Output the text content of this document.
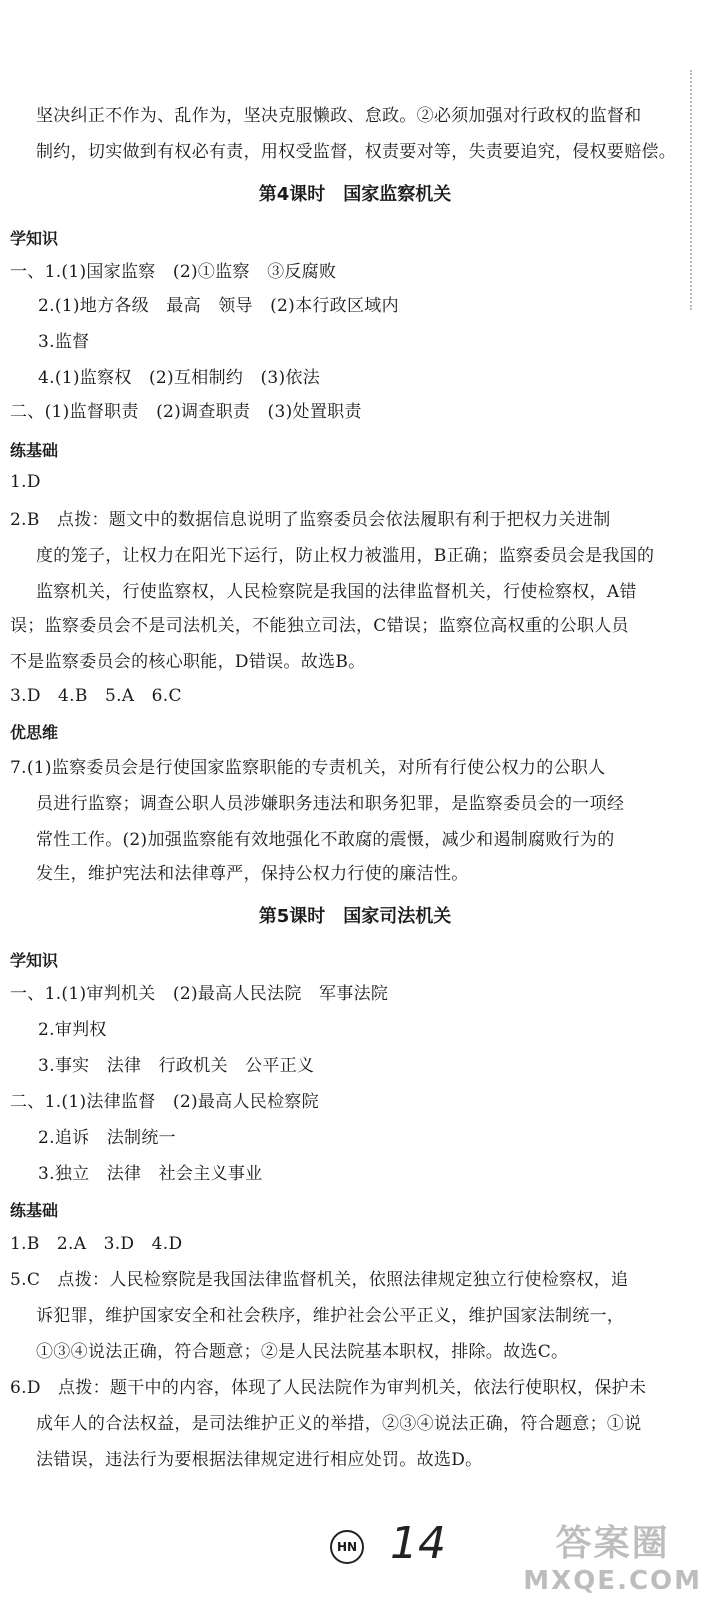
坚决纠正不作为、乱作为，坚决克服懒政、怠政。②必须加强对行政权的监督和
制约，切实做到有权必有责，用权受监督，权责要对等，失责要追究，侵权要赔偿。
第4课时　国家监察机关
学知识
一、1.(1)国家监察　(2)①监察　③反腐败
2.(1)地方各级　最高　领导　(2)本行政区域内
3.监督
4.(1)监察权　(2)互相制约　(3)依法
二、(1)监督职责　(2)调查职责　(3)处置职责
练基础
1.D
2.B　点拨：题文中的数据信息说明了监察委员会依法履职有利于把权力关进制
度的笼子，让权力在阳光下运行，防止权力被滥用，B正确；监察委员会是我国的
监察机关，行使监察权，人民检察院是我国的法律监督机关，行使检察权，A错
误；监察委员会不是司法机关，不能独立司法，C错误；监察位高权重的公职人员
不是监察委员会的核心职能，D错误。故选B。
3.D　4.B　5.A　6.C
优思维
7.(1)监察委员会是行使国家监察职能的专责机关，对所有行使公权力的公职人
员进行监察；调查公职人员涉嫌职务违法和职务犯罪，是监察委员会的一项经
常性工作。(2)加强监察能有效地强化不敢腐的震慑，减少和遏制腐败行为的
发生，维护宪法和法律尊严，保持公权力行使的廉洁性。
第5课时　国家司法机关
学知识
一、1.(1)审判机关　(2)最高人民法院　军事法院
2.审判权
3.事实　法律　行政机关　公平正义
二、1.(1)法律监督　(2)最高人民检察院
2.追诉　法制统一
3.独立　法律　社会主义事业
练基础
1.B　2.A　3.D　4.D
5.C　点拨：人民检察院是我国法律监督机关，依照法律规定独立行使检察权，追
诉犯罪，维护国家安全和社会秩序，维护社会公平正义，维护国家法制统一，
①③④说法正确，符合题意；②是人民法院基本职权，排除。故选C。
6.D　点拨：题干中的内容，体现了人民法院作为审判机关，依法行使职权，保护未
成年人的合法权益，是司法维护正义的举措，②③④说法正确，符合题意；①说
法错误，违法行为要根据法律规定进行相应处罚。故选D。
HN 14	答案圈
MXQE.COM
